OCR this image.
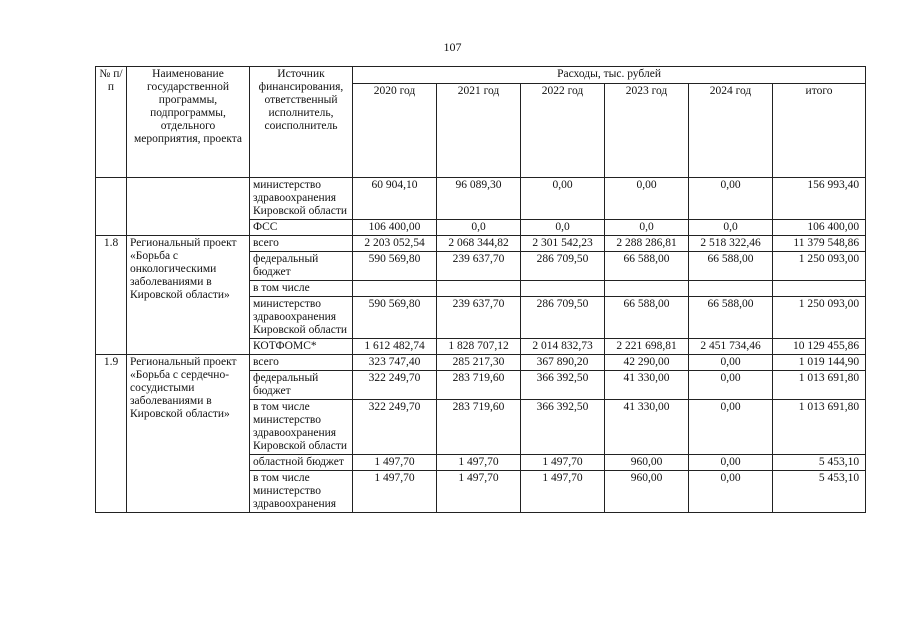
107
№ п/п	Наименование государственной программы, подпрограммы, отдельного мероприятия, проекта	Источник финансирования, ответственный исполнитель, соисполнитель	Расходы, тыс. рублей					
			2020 год	2021 год	2022 год	2023 год	2024 год	итого
		министерство здравоохранения Кировской области	60 904,10	96 089,30	0,00	0,00	0,00	156 993,40
		ФСС	106 400,00	0,0	0,0	0,0	0,0	106 400,00
1.8	Региональный проект «Борьба с онкологическими заболеваниями в Кировской области»	всего	2 203 052,54	2 068 344,82	2 301 542,23	2 288 286,81	2 518 322,46	11 379 548,86
		федеральный бюджет	590 569,80	239 637,70	286 709,50	66 588,00	66 588,00	1 250 093,00
		в том числе						
		министерство здравоохранения Кировской области	590 569,80	239 637,70	286 709,50	66 588,00	66 588,00	1 250 093,00
		КОТФОМС*	1 612 482,74	1 828 707,12	2 014 832,73	2 221 698,81	2 451 734,46	10 129 455,86
1.9	Региональный проект «Борьба с сердечно-сосудистыми заболеваниями в Кировской области»	всего	323 747,40	285 217,30	367 890,20	42 290,00	0,00	1 019 144,90
		федеральный бюджет	322 249,70	283 719,60	366 392,50	41 330,00	0,00	1 013 691,80
		в том числе министерство здравоохранения Кировской области	322 249,70	283 719,60	366 392,50	41 330,00	0,00	1 013 691,80
		областной бюджет	1 497,70	1 497,70	1 497,70	960,00	0,00	5 453,10
		в том числе министерство здравоохранения	1 497,70	1 497,70	1 497,70	960,00	0,00	5 453,10
